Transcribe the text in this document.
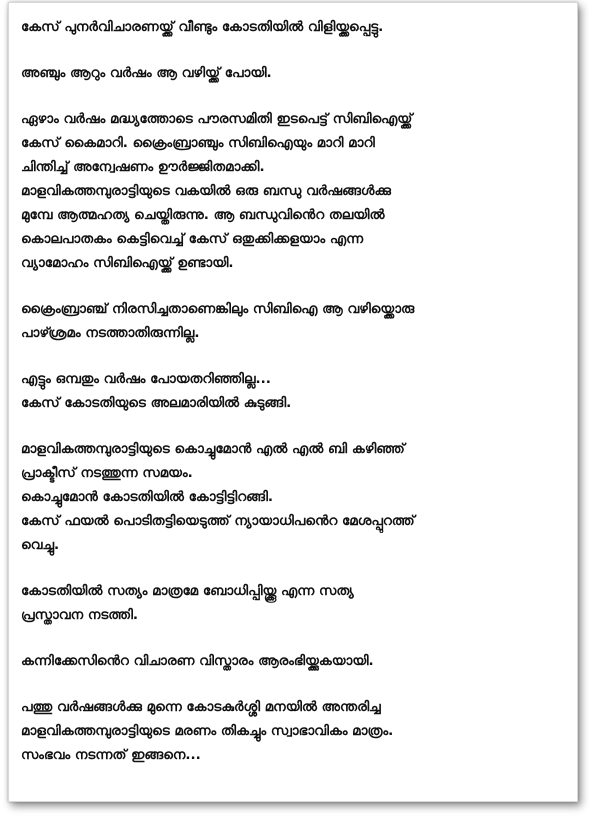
കേസ് പുനർവിചാരണയ്ക്ക് വീണ്ടും കോടതിയിൽ വിളിയ്ക്കപ്പെട്ടു.
അഞ്ചും ആറും വർഷം ആ വഴിയ്ക്ക് പോയി.
ഏഴാം വർഷം മദ്ധ്യത്തോടെ പൗരസമിതി ഇടപെട്ട് സിബിഐയ്ക്ക്
കേസ് കൈമാറി. ക്രൈംബ്രാഞ്ചും സിബിഐയും മാറി മാറി
ചിന്തിച്ച് അന്വേഷണം ഊർജ്ജിതമാക്കി.
മാളവികത്തമ്പുരാട്ടിയുടെ വകയിൽ ഒരു ബന്ധു വർഷങ്ങൾക്കു
മുമ്പേ ആത്മഹത്യ ചെയ്തിരുന്നു. ആ ബന്ധുവിൻെറ തലയിൽ
കൊലപാതകം കെട്ടിവെച്ച് കേസ് ഒതുക്കിക്കളയാം എന്ന
വ്യാമോഹം സിബിഐയ്ക്ക് ഉണ്ടായി.
ക്രൈംബ്രാഞ്ച് നിരസിച്ചതാണെങ്കിലും സിബിഐ ആ വഴിയ്ക്കൊരു
പാഴ്ശ്രമം നടത്താതിരുന്നില്ല.
എട്ടും ഒമ്പതും വർഷം പോയതറിഞ്ഞില്ല...
കേസ് കോടതിയുടെ അലമാരിയിൽ കുടുങ്ങി.
മാളവികത്തമ്പുരാട്ടിയുടെ കൊച്ചുമോൻ എൽ എൽ ബി കഴിഞ്ഞ്
പ്രാക്ടീസ് നടത്തുന്ന സമയം.
കൊച്ചുമോൻ കോടതിയിൽ കോട്ടിട്ടിറങ്ങി.
കേസ് ഫയൽ പൊടിതട്ടിയെടുത്ത് ന്യായാധിപൻെറ മേശപ്പുറത്ത്
വെച്ചു.
കോടതിയിൽ സത്യം മാത്രമേ ബോധിപ്പിയ്ക്കൂ എന്ന സത്യ
പ്രസ്താവന നടത്തി.
കന്നിക്കേസിൻെറ വിചാരണ വിസ്താരം ആരംഭിയ്ക്കുകയായി.
പത്തു വർഷങ്ങൾക്കു മുന്നെ കോടകുർശ്ശി മനയിൽ അന്തരിച്ച
മാളവികത്തമ്പുരാട്ടിയുടെ മരണം തികച്ചും സ്വാഭാവികം മാത്രം.
സംഭവം നടന്നത് ഇങ്ങനെ...
